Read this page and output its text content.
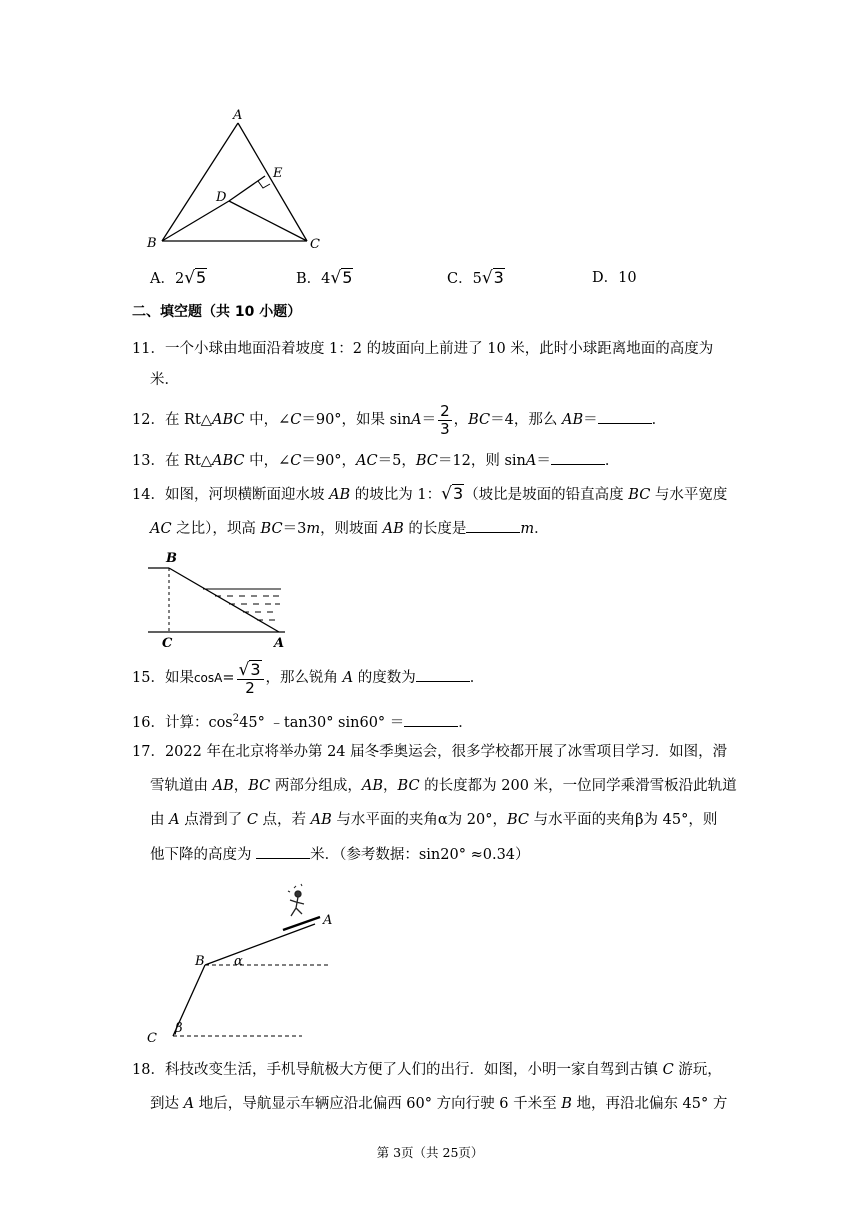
A
E
D
B	C
A．2√5	B．4√5	C．5√3	D．10
二、填空题（共 10 小题）
11．一个小球由地面沿着坡度 1：2 的坡面向上前进了 10 米，此时小球距离地面的高度为
米．
12．在 Rt△ABC 中，∠C＝90°，如果 $\sin A= \frac{2}{3}$ ，BC＝4，那么 AB＝	．
13．在 Rt△ABC 中，∠C＝90°，AC＝5，BC＝12，则 sinA＝	．
14．如图，河坝横断面迎水坡 AB 的坡比为 1：√3（坡比是坡面的铅直高度 BC 与水平宽度
AC 之比），坝高 BC＝3m，则坡面 AB 的长度是	m．
B
C	A
15．如果$\cos A= \frac{√3}{2}$ ，那么锐角 A 的度数为	．
16．计算：$\cos^245^\circ$ ﹣tan30° sin60° ＝	．
17．2022 年在北京将举办第 24 届冬季奥运会，很多学校都开展了冰雪项目学习．如图，滑
雪轨道由 AB，BC 两部分组成，AB，BC 的长度都为 200 米，一位同学乘滑雪板沿此轨道
由 A 点滑到了 C 点，若 AB 与水平面的夹角α为 20°，BC 与水平面的夹角β为 45°，则
他下降的高度为	米．（参考数据：sin20° ≈0.34）
A
B α
C
β
18．科技改变生活，手机导航极大方便了人们的出行．如图，小明一家自驾到古镇 C 游玩，
到达 A 地后，导航显示车辆应沿北偏西 60° 方向行驶 6 千米至 B 地，再沿北偏东 45° 方
第 3页（共 25页）
